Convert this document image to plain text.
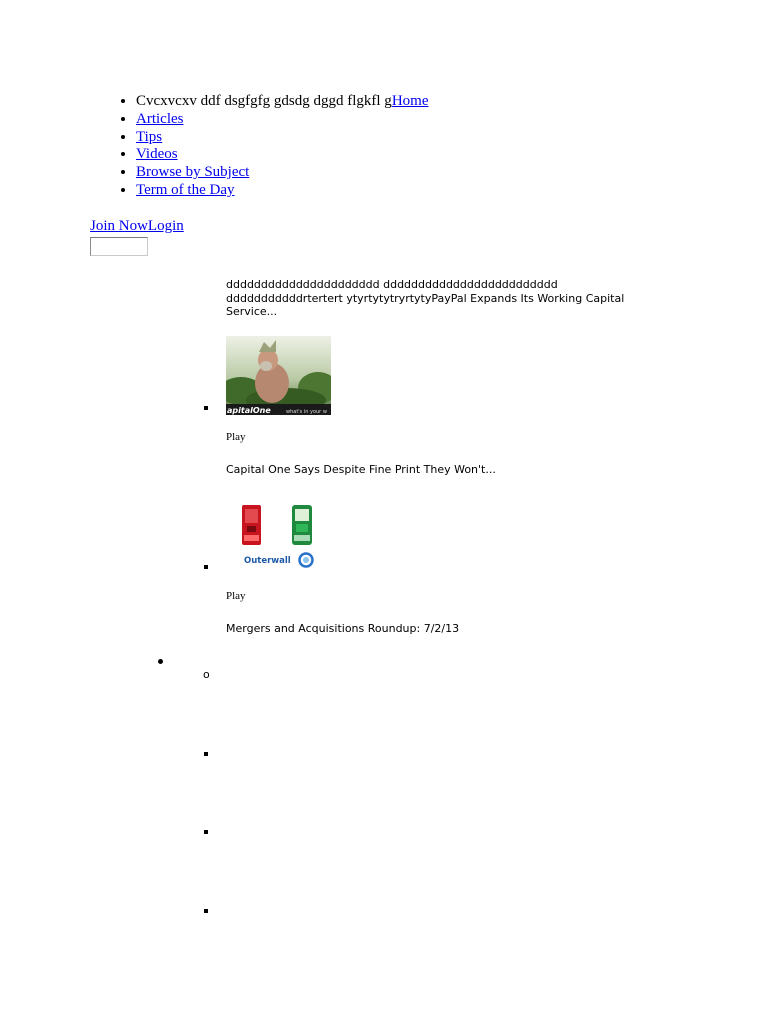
• Cvcxvcxv ddf dsgfgfg gdsdg dggd flgkfl gHome
• Articles
• Tips
• Videos
• Browse by Subject
• Term of the Day
Join NowLogin
dddddddddddddddddddddd ddddddddddddddddddddddddd dddddddddddrtertert ytyrtytytryrtytyPayPal Expands Its Working Capital Service...
apitalOne	what's in your w
Play
Capital One Says Despite Fine Print They Won't...
Outerwall
Play
Mergers and Acquisitions Roundup: 7/2/13
o
